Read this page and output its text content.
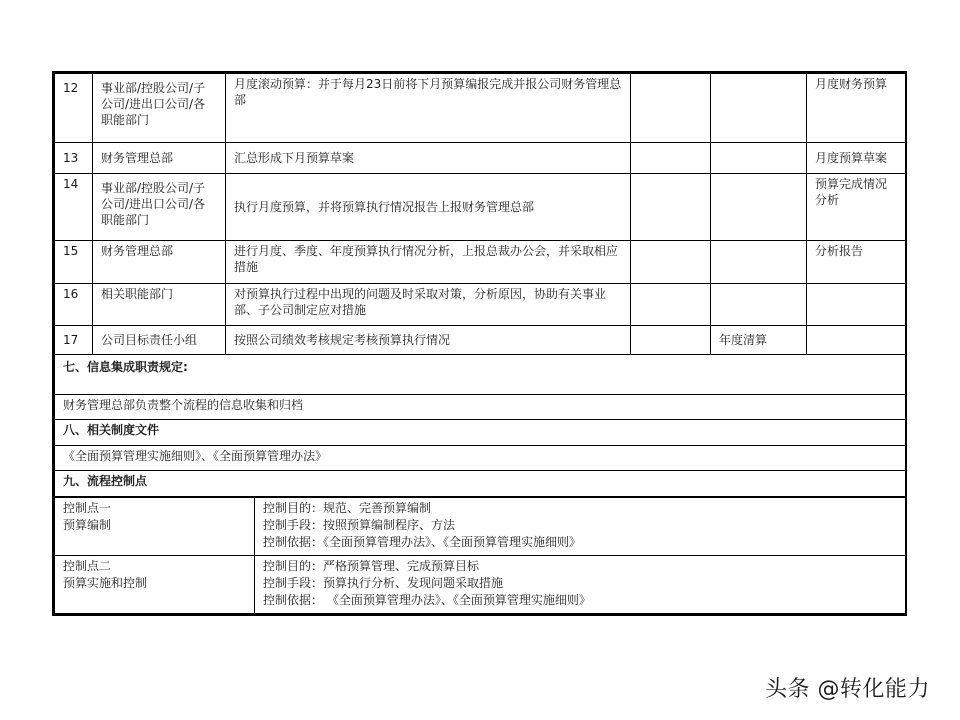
12	事业部/控股公司/子公司/进出口公司/各职能部门	月度滚动预算：并于每月23日前将下月预算编报完成并报公司财务管理总部			月度财务预算
13	财务管理总部	汇总形成下月预算草案			月度预算草案
14	事业部/控股公司/子公司/进出口公司/各职能部门	执行月度预算，并将预算执行情况报告上报财务管理总部			预算完成情况分析
15	财务管理总部	进行月度、季度、年度预算执行情况分析，上报总裁办公会，并采取相应措施			分析报告
16	相关职能部门	对预算执行过程中出现的问题及时采取对策，分析原因，协助有关事业部、子公司制定应对措施			
17	公司目标责任小组	按照公司绩效考核规定考核预算执行情况		年度清算	
七、信息集成职责规定:					
财务管理总部负责整个流程的信息收集和归档					
八、相关制度文件					
《全面预算管理实施细则》、《全面预算管理办法》					
九、流程控制点					
控制点一
预算编制	控制目的：规范、完善预算编制
控制手段：按照预算编制程序、方法
控制依据：《全面预算管理办法》、《全面预算管理实施细则》

控制点二
预算实施和控制	控制目的：严格预算管理、完成预算目标
控制手段：预算执行分析、发现问题采取措施
控制依据： 《全面预算管理办法》、《全面预算管理实施细则》
头条 @转化能力
